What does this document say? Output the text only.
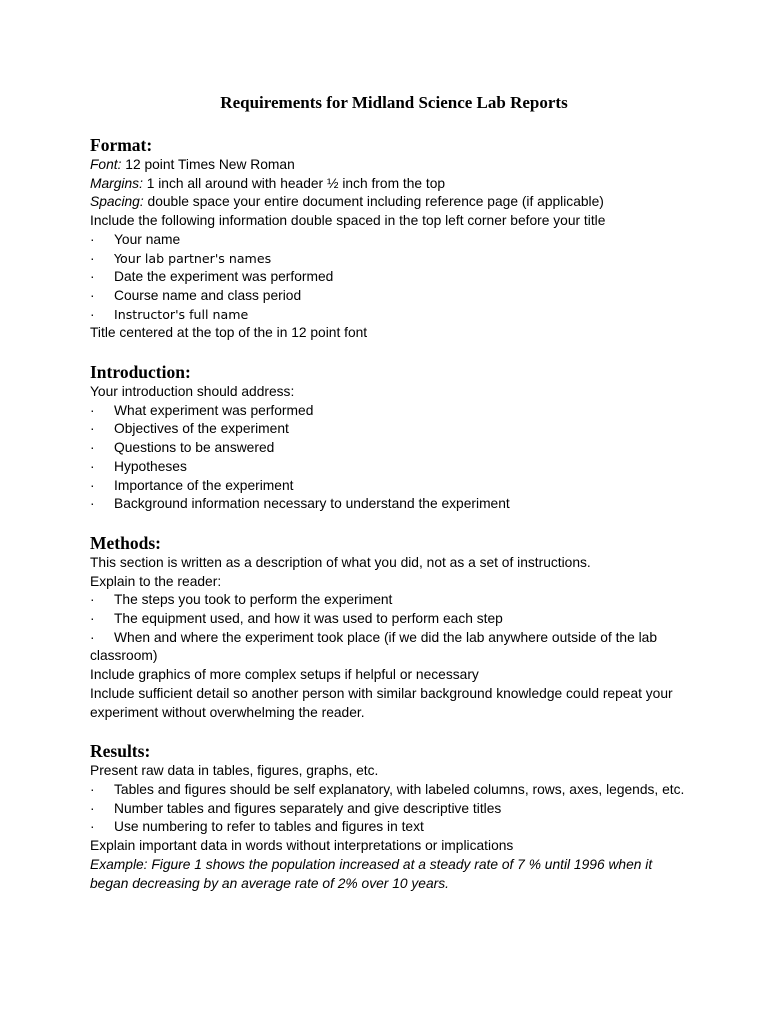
Requirements for Midland Science Lab Reports
Format:
Font: 12 point Times New Roman
Margins: 1 inch all around with header ½ inch from the top
Spacing: double space your entire document including reference page (if applicable)
Include the following information double spaced in the top left corner before your title
· Your name
· Your lab partner's names
· Date the experiment was performed
· Course name and class period
· Instructor's full name
Title centered at the top of the in 12 point font
Introduction:
Your introduction should address:
· What experiment was performed
· Objectives of the experiment
· Questions to be answered
· Hypotheses
· Importance of the experiment
· Background information necessary to understand the experiment
Methods:
This section is written as a description of what you did, not as a set of instructions.
Explain to the reader:
· The steps you took to perform the experiment
· The equipment used, and how it was used to perform each step
· When and where the experiment took place (if we did the lab anywhere outside of the lab classroom)
Include graphics of more complex setups if helpful or necessary
Include sufficient detail so another person with similar background knowledge could repeat your experiment without overwhelming the reader.
Results:
Present raw data in tables, figures, graphs, etc.
· Tables and figures should be self explanatory, with labeled columns, rows, axes, legends, etc.
· Number tables and figures separately and give descriptive titles
· Use numbering to refer to tables and figures in text
Explain important data in words without interpretations or implications
Example: Figure 1 shows the population increased at a steady rate of 7 % until 1996 when it began decreasing by an average rate of 2% over 10 years.
